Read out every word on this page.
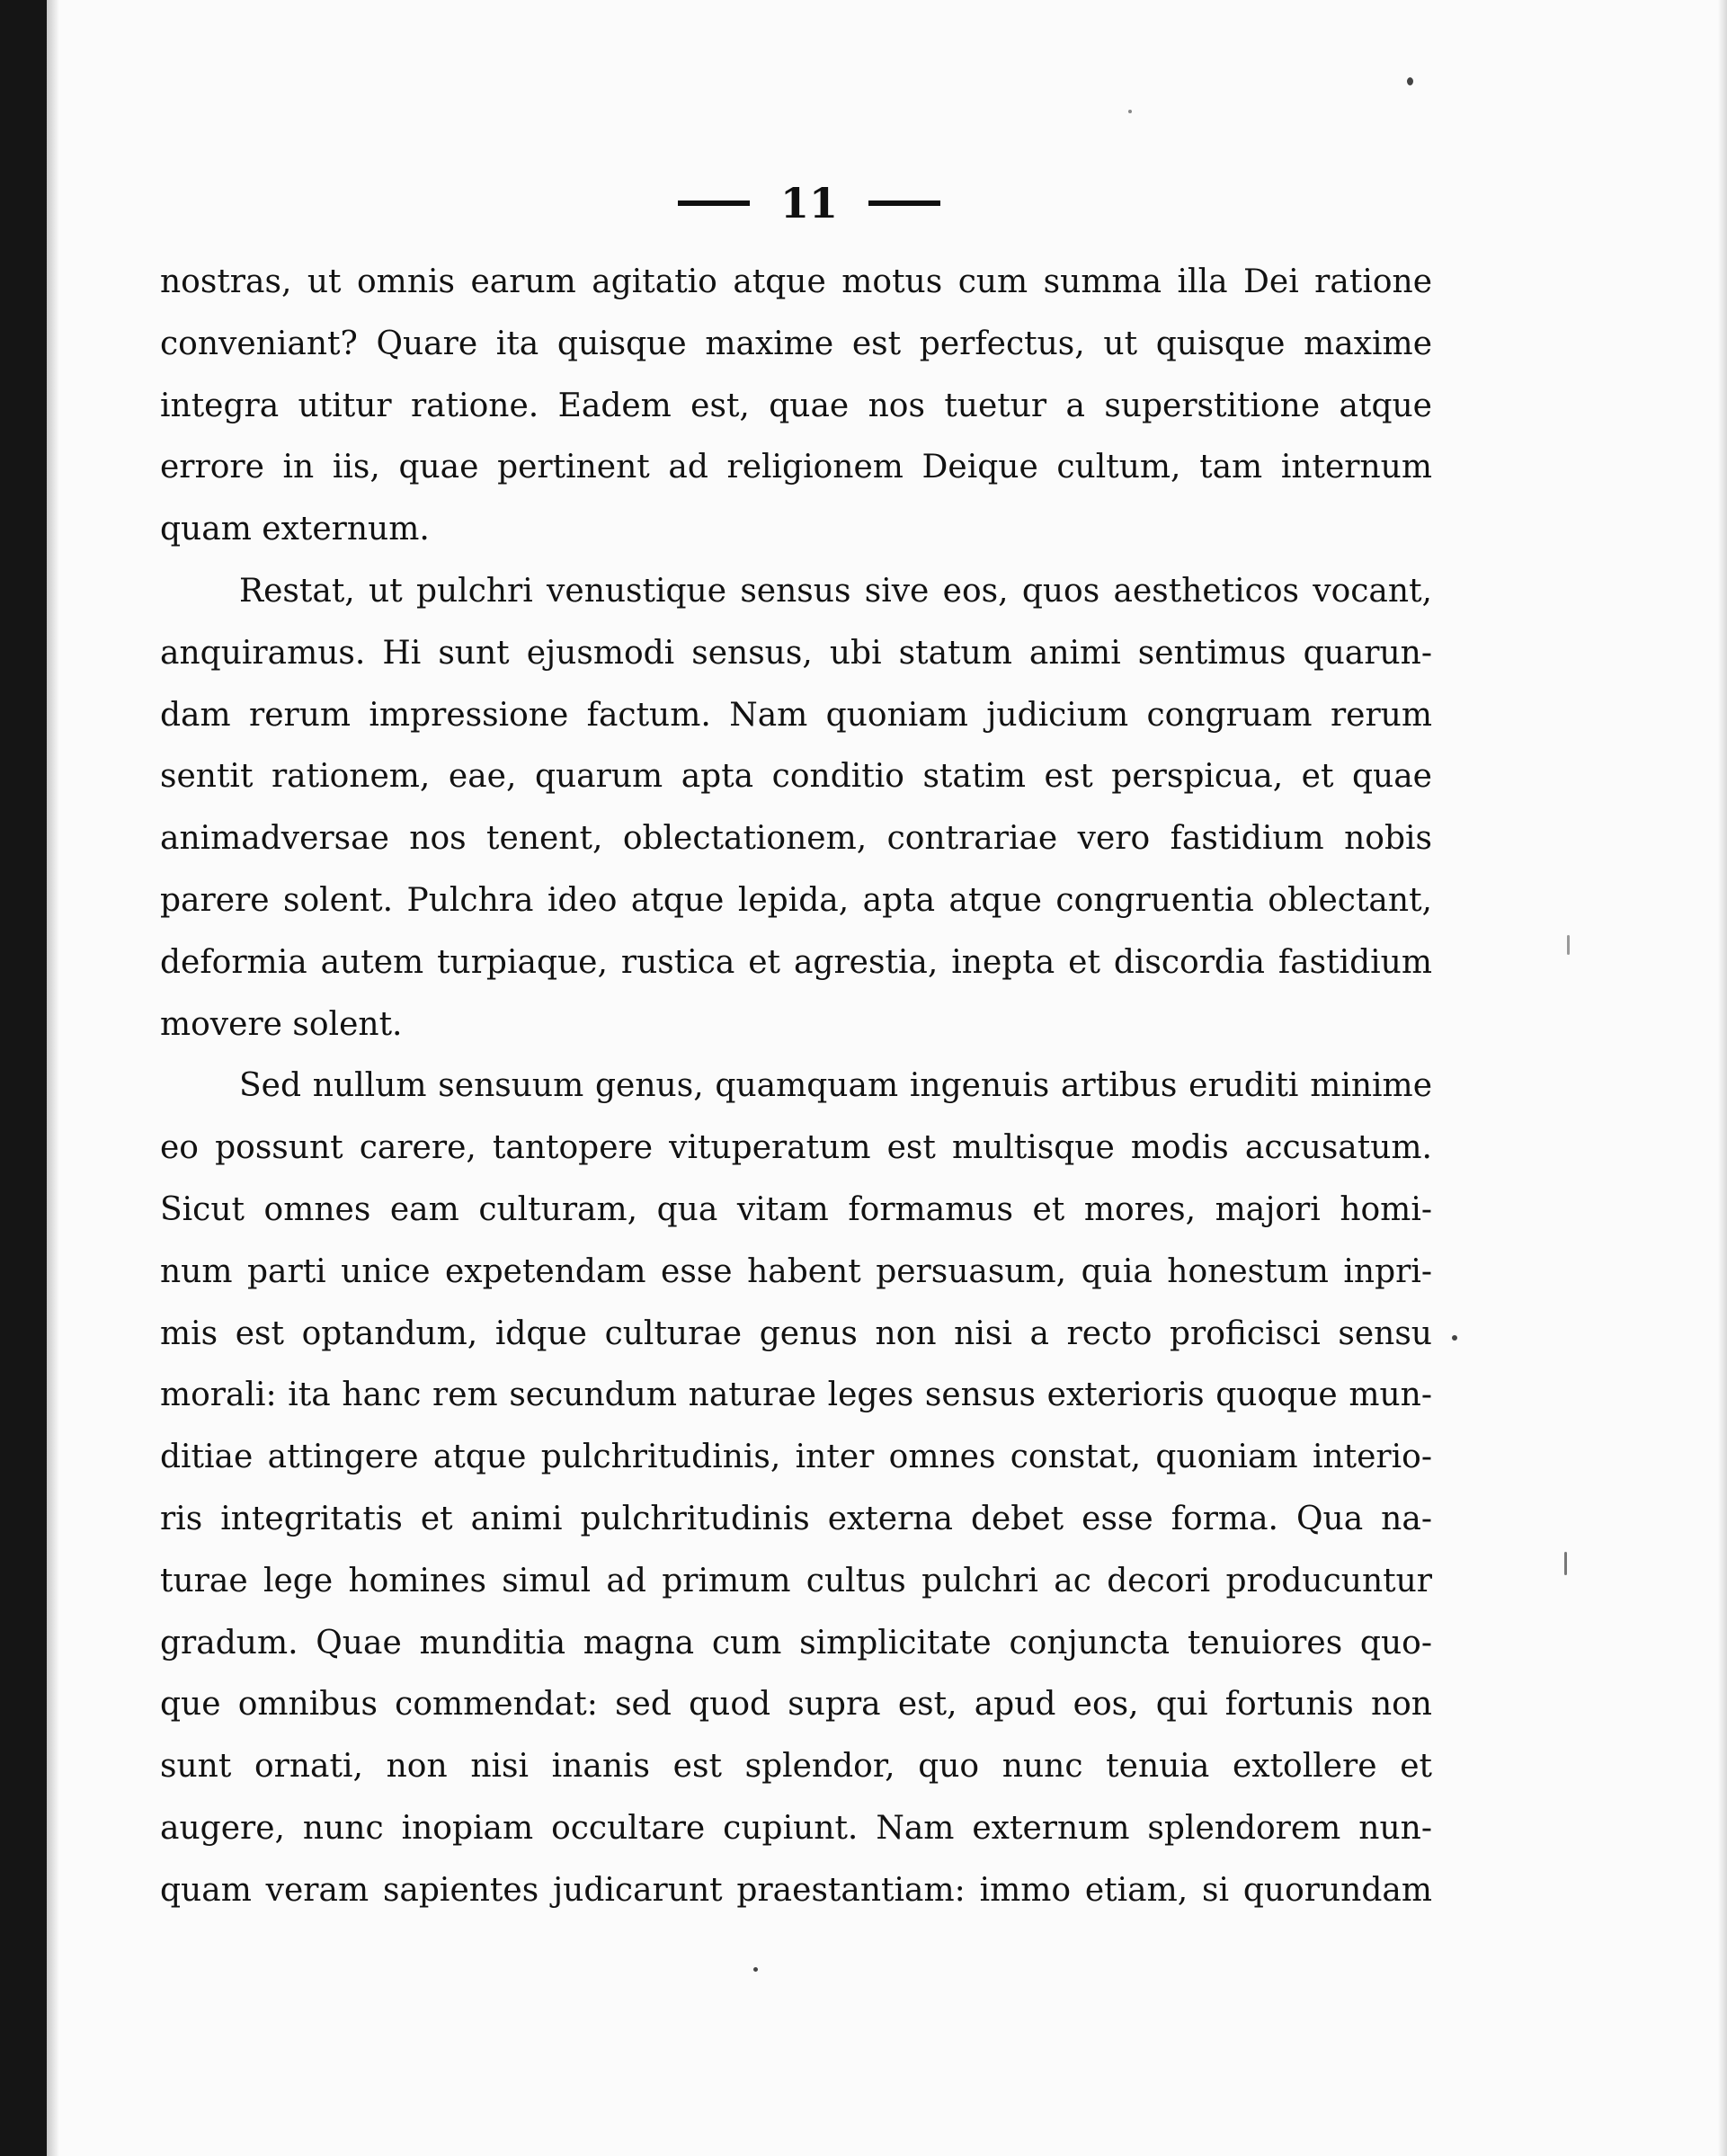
11
nostras, ut omnis earum agitatio atque motus cum summa illa Dei ratione
conveniant? Quare ita quisque maxime est perfectus, ut quisque maxime
integra utitur ratione. Eadem est, quae nos tuetur a superstitione atque
errore in iis, quae pertinent ad religionem Deique cultum, tam internum
quam externum.
Restat, ut pulchri venustique sensus sive eos, quos aestheticos vocant,
anquiramus. Hi sunt ejusmodi sensus, ubi statum animi sentimus quarun-
dam rerum impressione factum. Nam quoniam judicium congruam rerum
sentit rationem, eae, quarum apta conditio statim est perspicua, et quae
animadversae nos tenent, oblectationem, contrariae vero fastidium nobis
parere solent. Pulchra ideo atque lepida, apta atque congruentia oblectant,
deformia autem turpiaque, rustica et agrestia, inepta et discordia fastidium
movere solent.
Sed nullum sensuum genus, quamquam ingenuis artibus eruditi minime
eo possunt carere, tantopere vituperatum est multisque modis accusatum.
Sicut omnes eam culturam, qua vitam formamus et mores, majori homi-
num parti unice expetendam esse habent persuasum, quia honestum inpri-
mis est optandum, idque culturae genus non nisi a recto proficisci sensu
morali: ita hanc rem secundum naturae leges sensus exterioris quoque mun-
ditiae attingere atque pulchritudinis, inter omnes constat, quoniam interio-
ris integritatis et animi pulchritudinis externa debet esse forma. Qua na-
turae lege homines simul ad primum cultus pulchri ac decori producuntur
gradum. Quae munditia magna cum simplicitate conjuncta tenuiores quo-
que omnibus commendat: sed quod supra est, apud eos, qui fortunis non
sunt ornati, non nisi inanis est splendor, quo nunc tenuia extollere et
augere, nunc inopiam occultare cupiunt. Nam externum splendorem nun-
quam veram sapientes judicarunt praestantiam: immo etiam, si quorundam
